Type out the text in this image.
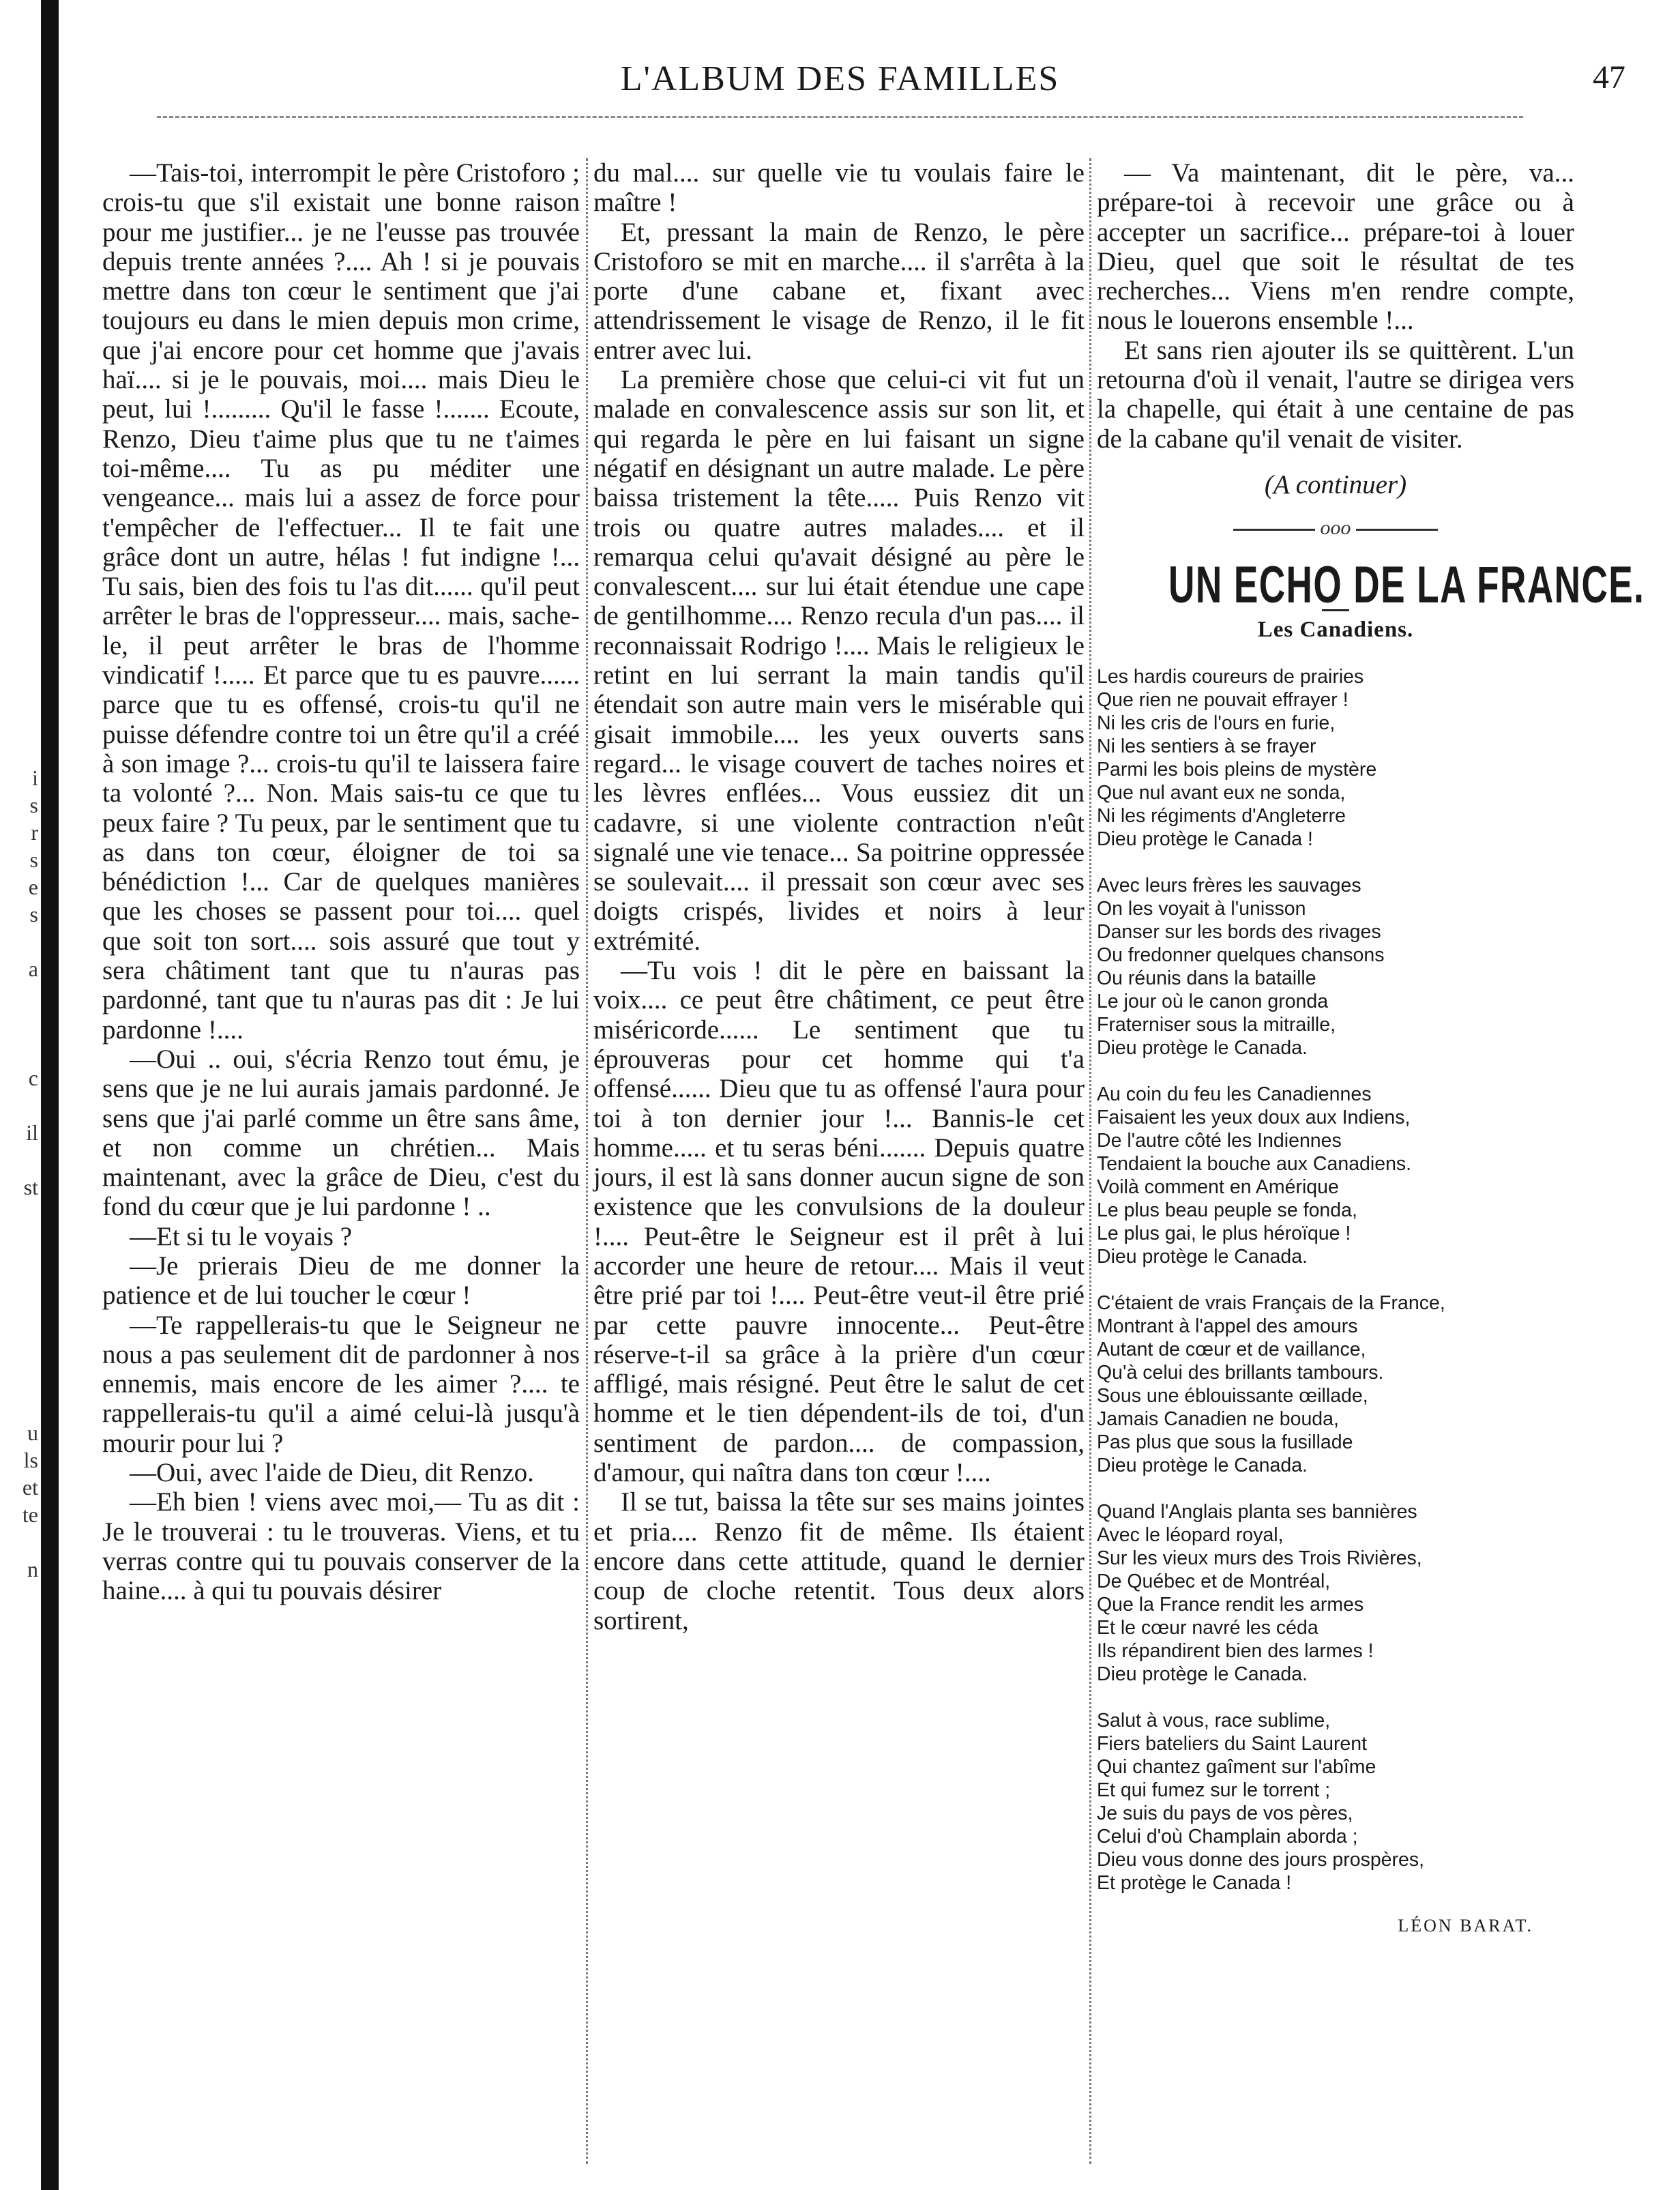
i
s
r
s
e
s
a
c
il
st
u
ls
et
te
n
L'ALBUM DES FAMILLES	47

—Tais-toi, interrompit le père Cristoforo ; crois-tu que s'il existait une bonne raison pour me justifier... je ne l'eusse pas trouvée depuis trente années ?.... Ah ! si je pouvais mettre dans ton cœur le sentiment que j'ai toujours eu dans le mien depuis mon crime, que j'ai encore pour cet homme que j'avais haï.... si je le pouvais, moi.... mais Dieu le peut, lui !......... Qu'il le fasse !....... Ecoute, Renzo, Dieu t'aime plus que tu ne t'aimes toi-même.... Tu as pu méditer une vengeance... mais lui a assez de force pour t'empêcher de l'effectuer... Il te fait une grâce dont un autre, hélas ! fut indigne !... Tu sais, bien des fois tu l'as dit...... qu'il peut arrêter le bras de l'oppresseur.... mais, sache-le, il peut arrêter le bras de l'homme vindicatif !..... Et parce que tu es pauvre...... parce que tu es offensé, crois-tu qu'il ne puisse défendre contre toi un être qu'il a créé à son image ?... crois-tu qu'il te laissera faire ta volonté ?... Non. Mais sais-tu ce que tu peux faire ? Tu peux, par le sentiment que tu as dans ton cœur, éloigner de toi sa bénédiction !... Car de quelques manières que les choses se passent pour toi.... quel que soit ton sort.... sois assuré que tout y sera châtiment tant que tu n'auras pas pardonné, tant que tu n'auras pas dit : Je lui pardonne !....

—Oui .. oui, s'écria Renzo tout ému, je sens que je ne lui aurais jamais pardonné. Je sens que j'ai parlé comme un être sans âme, et non comme un chrétien... Mais maintenant, avec la grâce de Dieu, c'est du fond du cœur que je lui pardonne ! ..

—Et si tu le voyais ?

—Je prierais Dieu de me donner la patience et de lui toucher le cœur !

—Te rappellerais-tu que le Seigneur ne nous a pas seulement dit de pardonner à nos ennemis, mais encore de les aimer ?.... te rappellerais-tu qu'il a aimé celui-là jusqu'à mourir pour lui ?

—Oui, avec l'aide de Dieu, dit Renzo.

—Eh bien ! viens avec moi,— Tu as dit : Je le trouverai : tu le trouveras. Viens, et tu verras contre qui tu pouvais conserver de la haine.... à qui tu pouvais désirer

du mal.... sur quelle vie tu voulais faire le maître !

Et, pressant la main de Renzo, le père Cristoforo se mit en marche.... il s'arrêta à la porte d'une cabane et, fixant avec attendrissement le visage de Renzo, il le fit entrer avec lui.

La première chose que celui-ci vit fut un malade en convalescence assis sur son lit, et qui regarda le père en lui faisant un signe négatif en désignant un autre malade. Le père baissa tristement la tête..... Puis Renzo vit trois ou quatre autres malades.... et il remarqua celui qu'avait désigné au père le convalescent.... sur lui était étendue une cape de gentilhomme.... Renzo recula d'un pas.... il reconnaissait Rodrigo !.... Mais le religieux le retint en lui serrant la main tandis qu'il étendait son autre main vers le misérable qui gisait immobile.... les yeux ouverts sans regard... le visage couvert de taches noires et les lèvres enflées... Vous eussiez dit un cadavre, si une violente contraction n'eût signalé une vie tenace... Sa poitrine oppressée se soulevait.... il pressait son cœur avec ses doigts crispés, livides et noirs à leur extrémité.

—Tu vois ! dit le père en baissant la voix.... ce peut être châtiment, ce peut être miséricorde...... Le sentiment que tu éprouveras pour cet homme qui t'a offensé...... Dieu que tu as offensé l'aura pour toi à ton dernier jour !... Bannis-le cet homme..... et tu seras béni....... Depuis quatre jours, il est là sans donner aucun signe de son existence que les convulsions de la douleur !.... Peut-être le Seigneur est il prêt à lui accorder une heure de retour.... Mais il veut être prié par toi !.... Peut-être veut-il être prié par cette pauvre innocente... Peut-être réserve-t-il sa grâce à la prière d'un cœur affligé, mais résigné. Peut être le salut de cet homme et le tien dépendent-ils de toi, d'un sentiment de pardon.... de compassion, d'amour, qui naîtra dans ton cœur !....

Il se tut, baissa la tête sur ses mains jointes et pria.... Renzo fit de même. Ils étaient encore dans cette attitude, quand le dernier coup de cloche retentit. Tous deux alors sortirent,

— Va maintenant, dit le père, va... prépare-toi à recevoir une grâce ou à accepter un sacrifice... prépare-toi à louer Dieu, quel que soit le résultat de tes recherches... Viens m'en rendre compte, nous le louerons ensemble !...

Et sans rien ajouter ils se quittèrent. L'un retourna d'où il venait, l'autre se dirigea vers la chapelle, qui était à une centaine de pas de la cabane qu'il venait de visiter.

(A continuer)
ooo
UN ECHO DE LA FRANCE.
Les Canadiens.
Les hardis coureurs de prairies
Que rien ne pouvait effrayer !
Ni les cris de l'ours en furie,
Ni les sentiers à se frayer
Parmi les bois pleins de mystère
Que nul avant eux ne sonda,
Ni les régiments d'Angleterre
Dieu protège le Canada !
Avec leurs frères les sauvages
On les voyait à l'unisson
Danser sur les bords des rivages
Ou fredonner quelques chansons
Ou réunis dans la bataille
Le jour où le canon gronda
Fraterniser sous la mitraille,
Dieu protège le Canada.
Au coin du feu les Canadiennes
Faisaient les yeux doux aux Indiens,
De l'autre côté les Indiennes
Tendaient la bouche aux Canadiens.
Voilà comment en Amérique
Le plus beau peuple se fonda,
Le plus gai, le plus héroïque !
Dieu protège le Canada.
C'étaient de vrais Français de la France,
Montrant à l'appel des amours
Autant de cœur et de vaillance,
Qu'à celui des brillants tambours.
Sous une éblouissante œillade,
Jamais Canadien ne bouda,
Pas plus que sous la fusillade
Dieu protège le Canada.
Quand l'Anglais planta ses bannières
Avec le léopard royal,
Sur les vieux murs des Trois Rivières,
De Québec et de Montréal,
Que la France rendit les armes
Et le cœur navré les céda
Ils répandirent bien des larmes !
Dieu protège le Canada.
Salut à vous, race sublime,
Fiers bateliers du Saint Laurent
Qui chantez gaîment sur l'abîme
Et qui fumez sur le torrent ;
Je suis du pays de vos pères,
Celui d'où Champlain aborda ;
Dieu vous donne des jours prospères,
Et protège le Canada !
LÉON BARAT.
